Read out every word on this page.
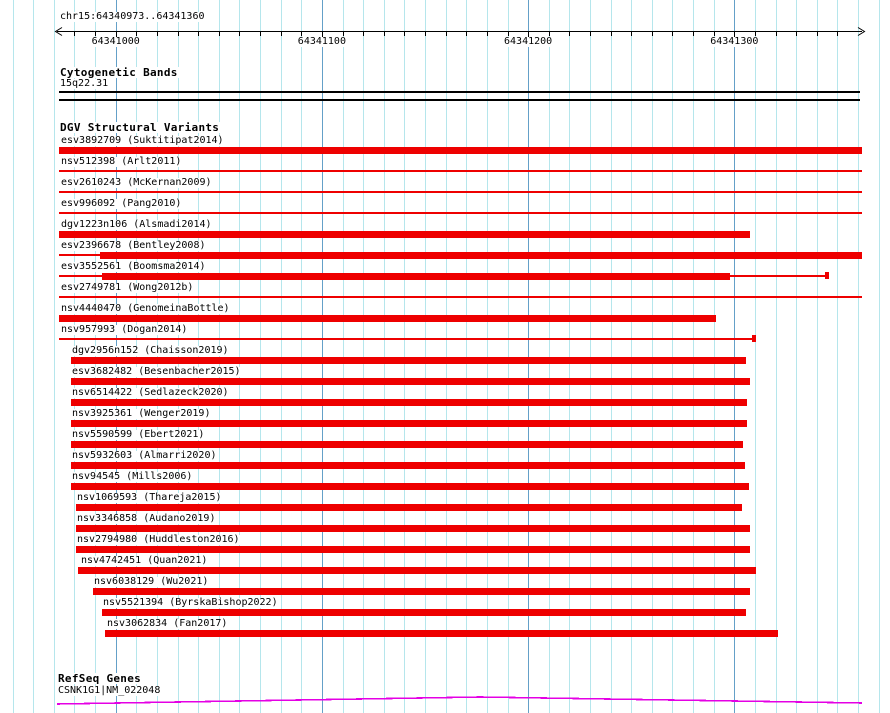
chr15:64340973..64341360
64341000	64341100	64341200	64341300
Cytogenetic Bands
15q22.31
DGV Structural Variants
esv3892709 (Suktitipat2014)
nsv512398 (Arlt2011)
esv2610243 (McKernan2009)
esv996092 (Pang2010)
dgv1223n106 (Alsmadi2014)
esv2396678 (Bentley2008)
esv3552561 (Boomsma2014)
esv2749781 (Wong2012b)
nsv4440470 (GenomeinaBottle)
nsv957993 (Dogan2014)
dgv2956n152 (Chaisson2019)
esv3682482 (Besenbacher2015)
nsv6514422 (Sedlazeck2020)
nsv3925361 (Wenger2019)
nsv5590599 (Ebert2021)
nsv5932603 (Almarri2020)
nsv94545 (Mills2006)
nsv1069593 (Thareja2015)
nsv3346858 (Audano2019)
nsv2794980 (Huddleston2016)
nsv4742451 (Quan2021)
nsv6038129 (Wu2021)
nsv5521394 (ByrskaBishop2022)
nsv3062834 (Fan2017)
RefSeq Genes
CSNK1G1|NM_022048
